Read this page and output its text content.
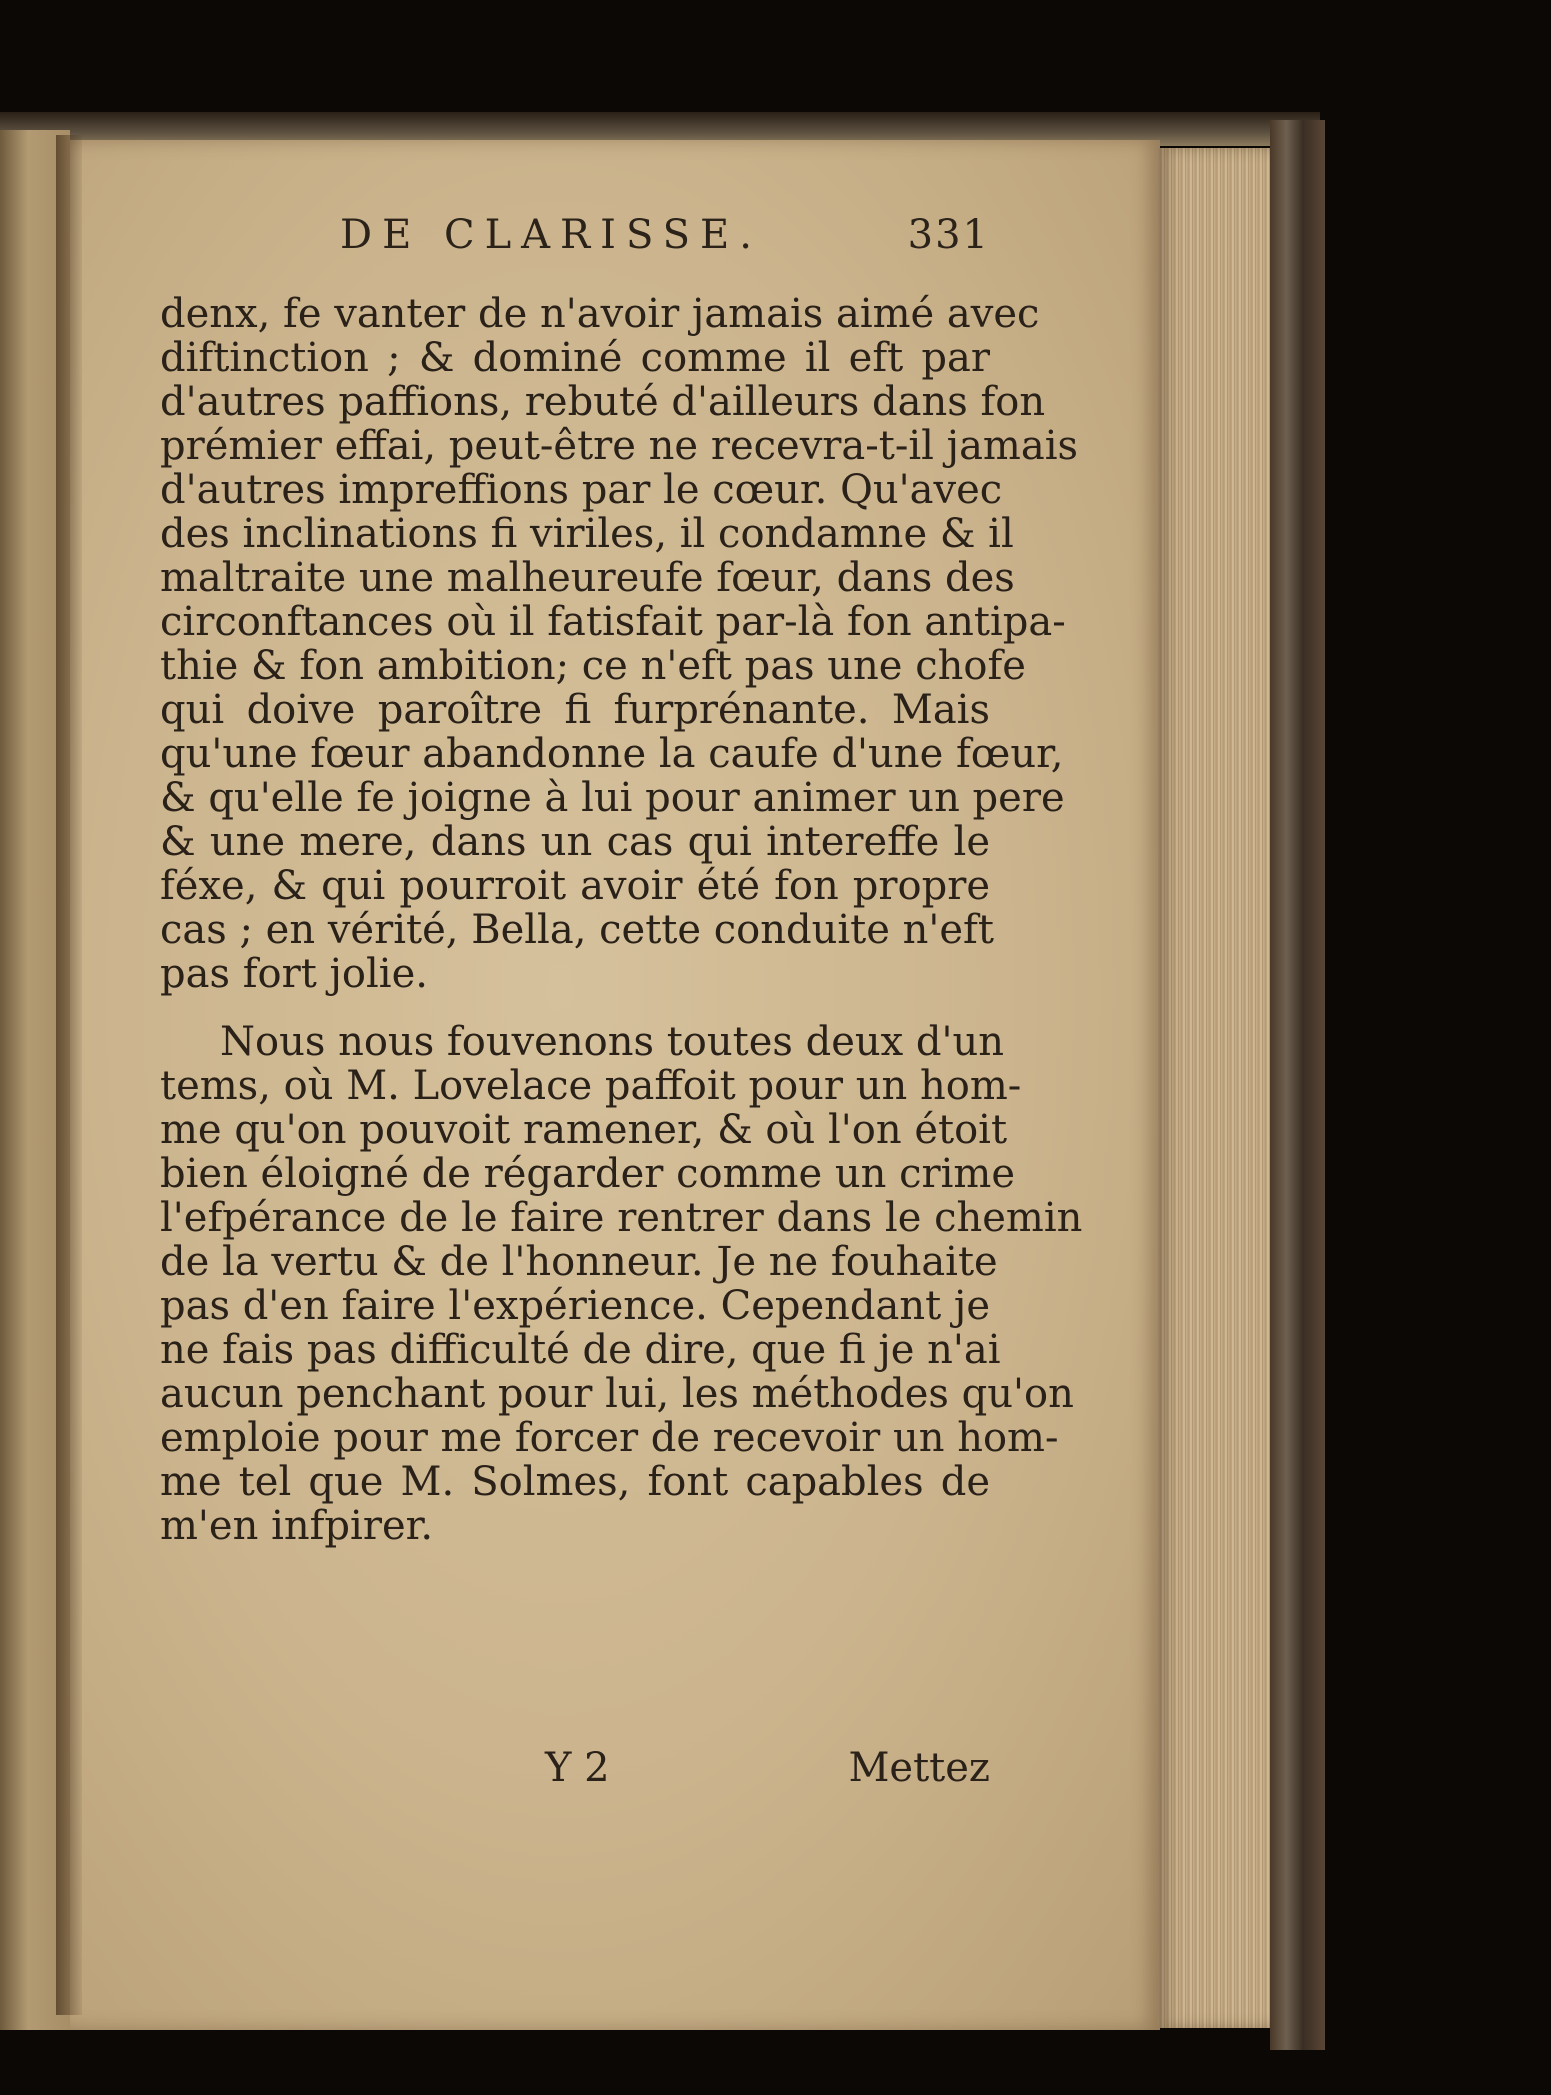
DE CLARISSE.	331
denx, fe vanter de n'avoir jamais aimé avec
diftinction ; & dominé comme il eft par
d'autres paffions, rebuté d'ailleurs dans fon
prémier effai, peut-être ne recevra-t-il jamais
d'autres impreffions par le cœur. Qu'avec
des inclinations fi viriles, il condamne & il
maltraite une malheureufe fœur, dans des
circonftances où il fatisfait par-là fon antipa-
thie & fon ambition; ce n'eft pas une chofe
qui doive paroître fi furprénante. Mais
qu'une fœur abandonne la caufe d'une fœur,
& qu'elle fe joigne à lui pour animer un pere
& une mere, dans un cas qui intereffe le
féxe, & qui pourroit avoir été fon propre
cas ; en vérité, Bella, cette conduite n'eft
pas fort jolie.
Nous nous fouvenons toutes deux d'un
tems, où M. Lovelace paffoit pour un hom-
me qu'on pouvoit ramener, & où l'on étoit
bien éloigné de régarder comme un crime
l'efpérance de le faire rentrer dans le chemin
de la vertu & de l'honneur. Je ne fouhaite
pas d'en faire l'expérience. Cependant je
ne fais pas difficulté de dire, que fi je n'ai
aucun penchant pour lui, les méthodes qu'on
emploie pour me forcer de recevoir un hom-
me tel que M. Solmes, font capables de
m'en infpirer.
Y 2	Mettez
